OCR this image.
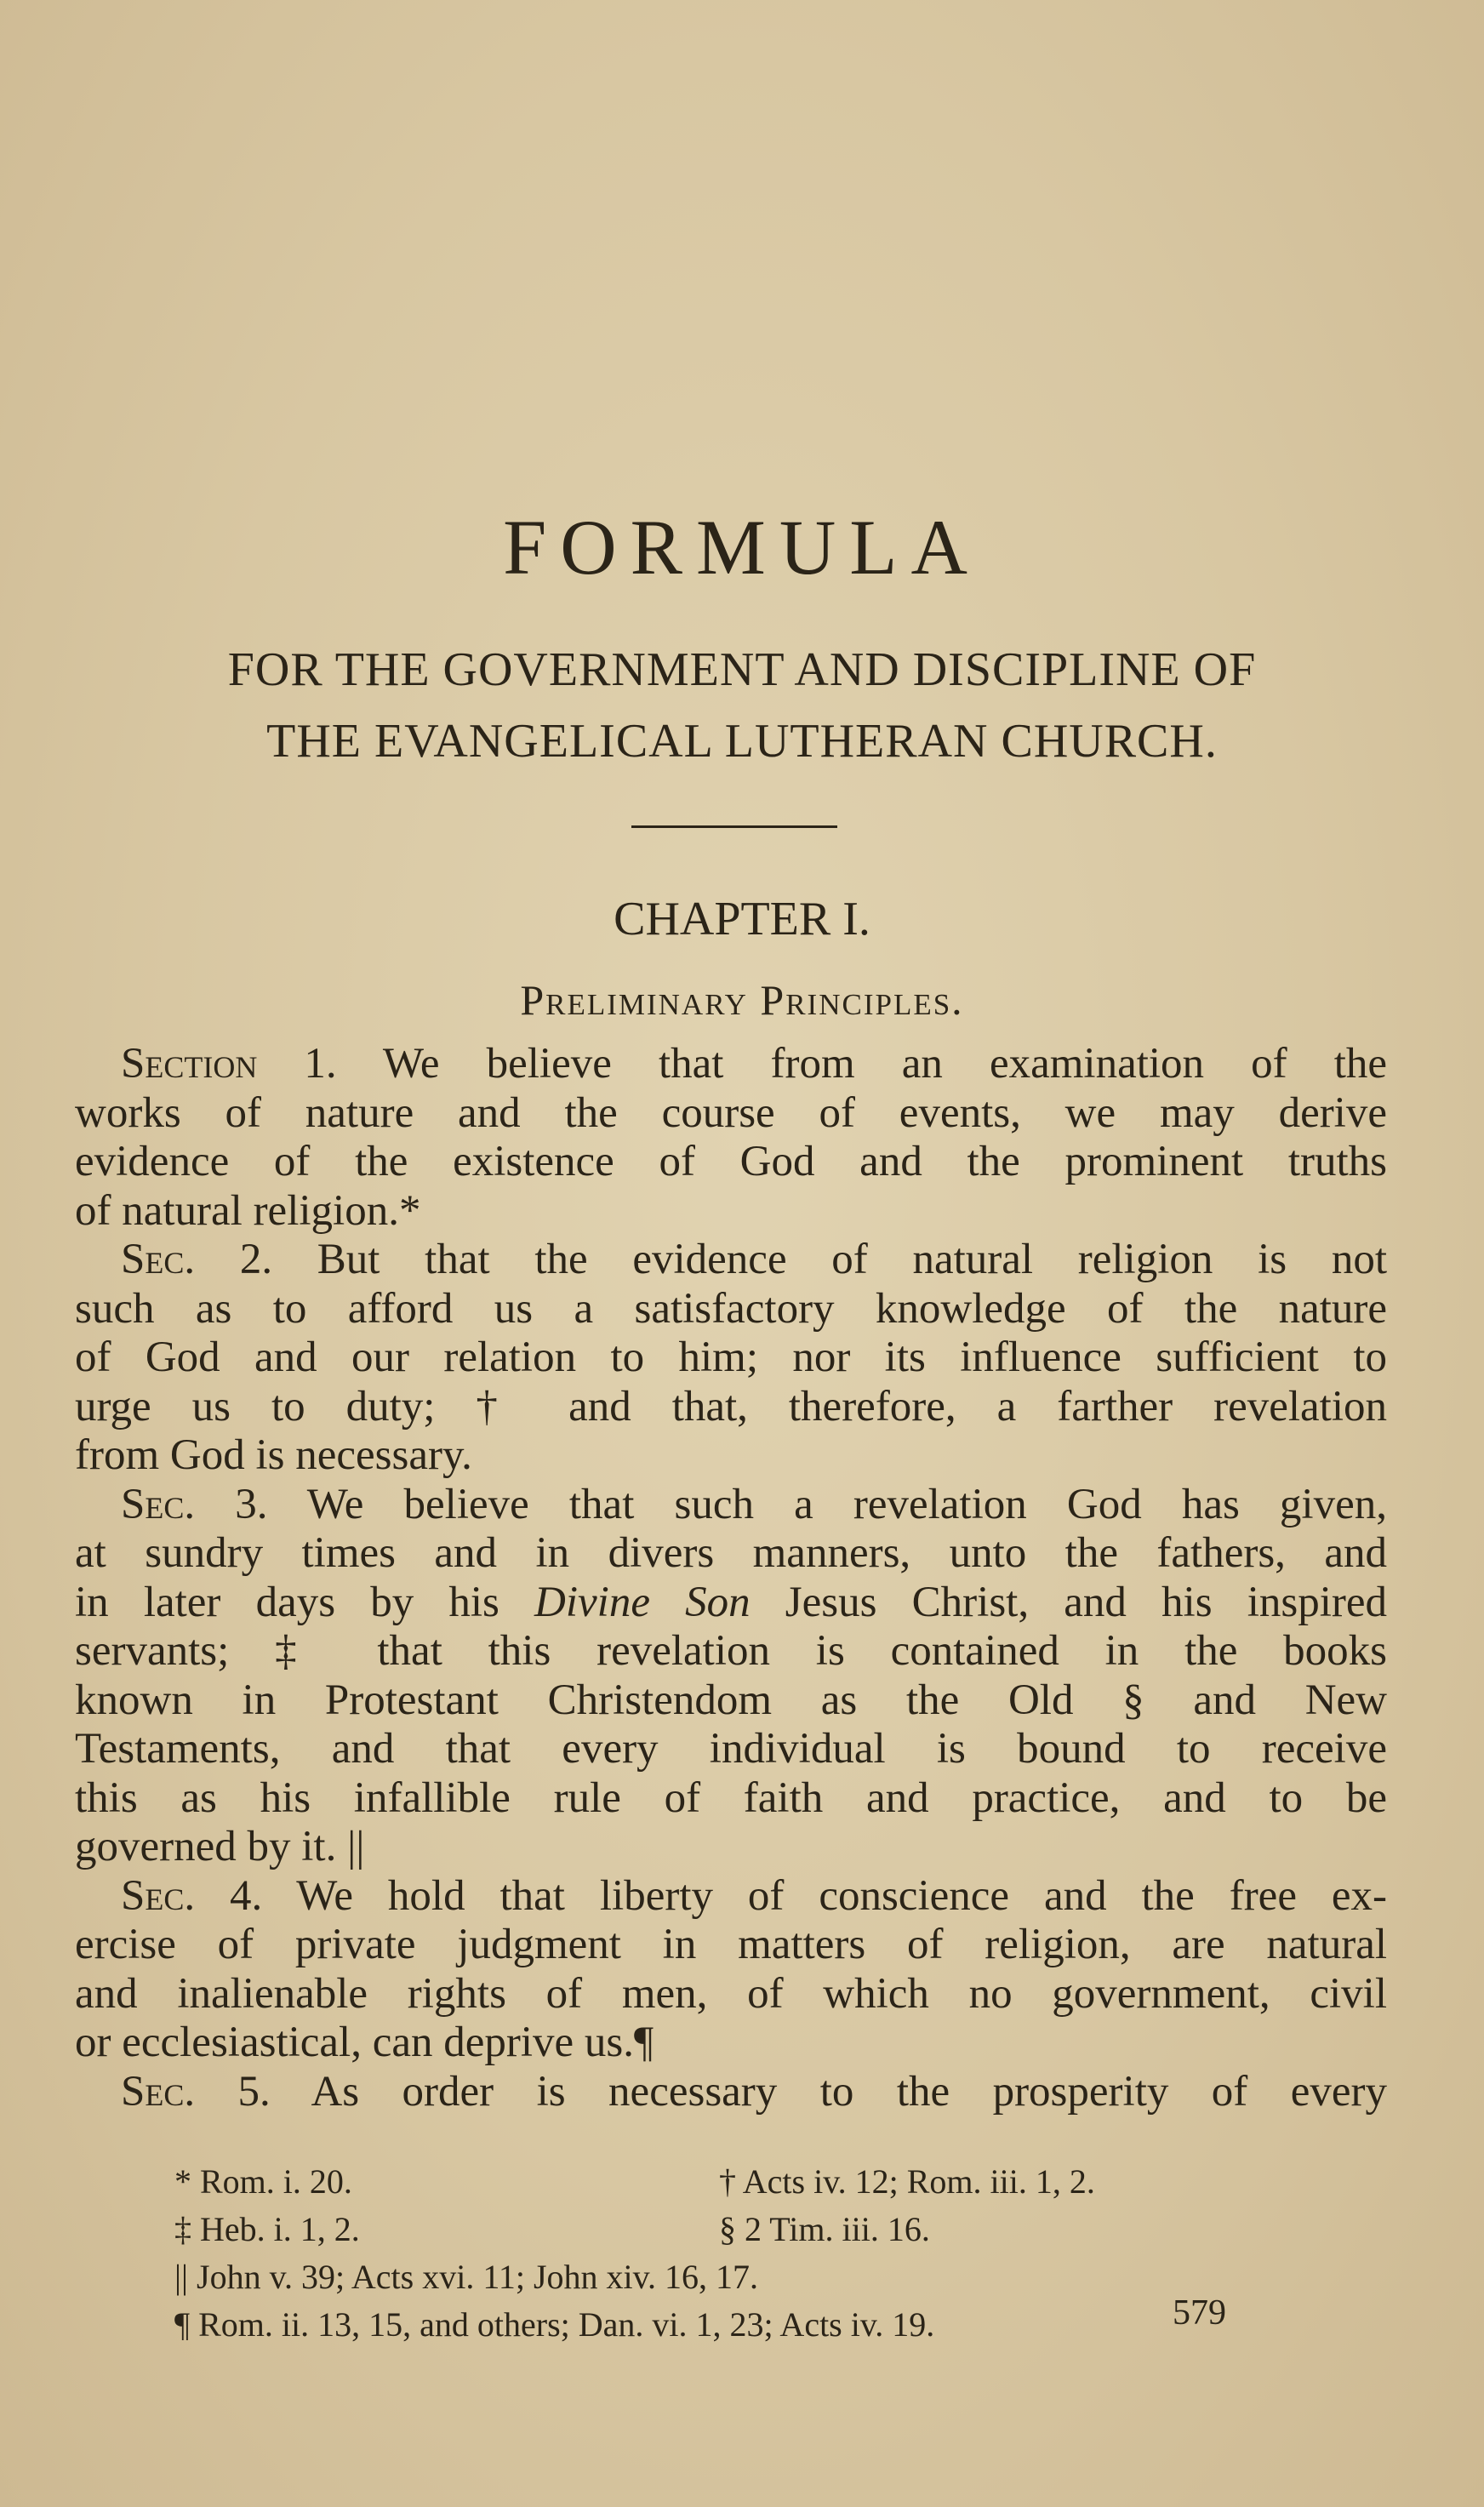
FORMULA
FOR THE GOVERNMENT AND DISCIPLINE OF
THE EVANGELICAL LUTHERAN CHURCH.
CHAPTER I.
Preliminary Principles.
Section 1. We believe that from an examination of the
works of nature and the course of events, we may derive
evidence of the existence of God and the prominent truths
of natural religion.*
Sec. 2. But that the evidence of natural religion is not
such as to afford us a satisfactory knowledge of the nature
of God and our relation to him; nor its influence sufficient to
urge us to duty; † and that, therefore, a farther revelation
from God is necessary.
Sec. 3. We believe that such a revelation God has given,
at sundry times and in divers manners, unto the fathers, and
in later days by his Divine Son Jesus Christ, and his inspired
servants; ‡ that this revelation is contained in the books
known in Protestant Christendom as the Old § and New
Testaments, and that every individual is bound to receive
this as his infallible rule of faith and practice, and to be
governed by it. ||
Sec. 4. We hold that liberty of conscience and the free ex-
ercise of private judgment in matters of religion, are natural
and inalienable rights of men, of which no government, civil
or ecclesiastical, can deprive us.¶
Sec. 5. As order is necessary to the prosperity of every
* Rom. i. 20.	† Acts iv. 12; Rom. iii. 1, 2.
‡ Heb. i. 1, 2.	§ 2 Tim. iii. 16.
|| John v. 39; Acts xvi. 11; John xiv. 16, 17.
¶ Rom. ii. 13, 15, and others; Dan. vi. 1, 23; Acts iv. 19.	579
